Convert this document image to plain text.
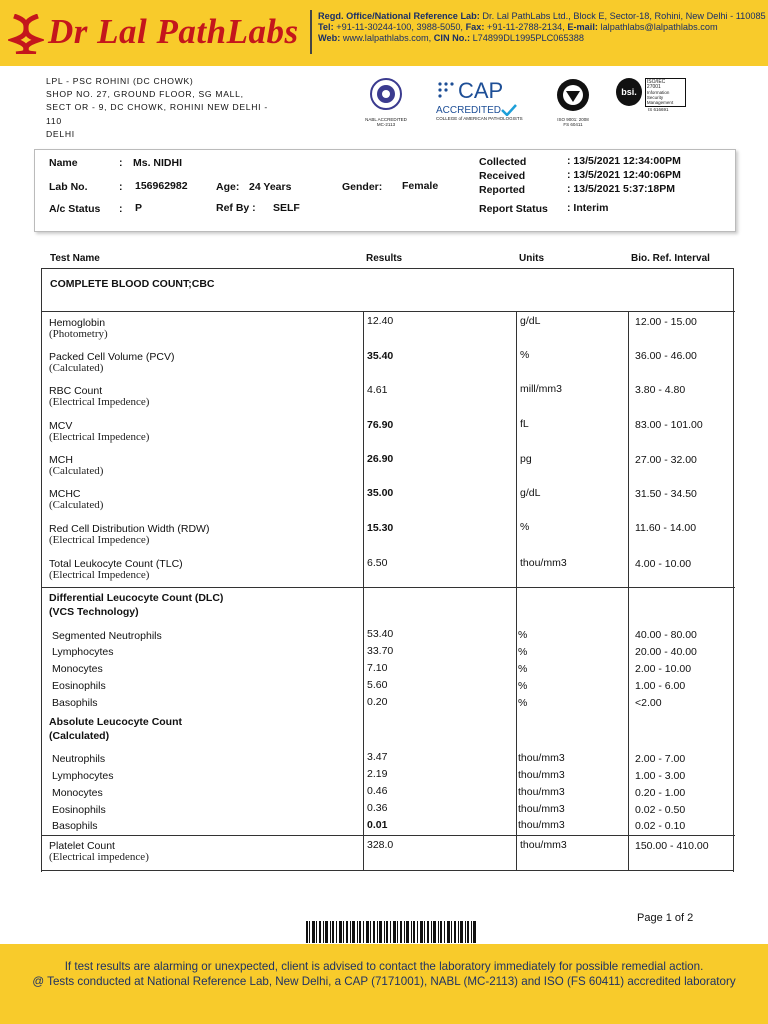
Dr Lal PathLabs Regd. Office/National Reference Lab: Dr. Lal PathLabs Ltd., Block E, Sector-18, Rohini, New Delhi - 110085
Tel: +91-11-30244-100, 3988-5050, Fax: +91-11-2788-2134, E-mail: lalpathlabs@lalpathlabs.com
Web: www.lalpathlabs.com, CIN No.: L74899DL1995PLC065388
LPL - PSC ROHINI (DC CHOWK)
SHOP NO. 27, GROUND FLOOR, SG MALL,
SECT OR - 9, DC CHOWK, ROHINI NEW DELHI -
110
DELHI
NABL ACCREDITED
MC-2113
CAP
ACCREDITED
COLLEGE of AMERICAN PATHOLOGISTS	ISO 9001: 2008
FS 60411
bsi.
ISO/IEC
27001
Information Security
Management
IS 616691
Name	: Ms. NIDHI
Lab No.	: 156962982	Age: 24 Years	Gender: Female
A/c Status : P	Ref By : SELF
Collected	: 13/5/2021 12:34:00PM
Received	: 13/5/2021 12:40:06PM
Reported	: 13/5/2021 5:37:18PM
Report Status : Interim
Test Name	Results	Units	Bio. Ref. Interval
COMPLETE BLOOD COUNT;CBC
Hemoglobin
(Photometry)
12.40	g/dL	12.00 - 15.00
Packed Cell Volume (PCV)
(Calculated)
35.40	%	36.00 - 46.00
RBC Count
(Electrical Impedence)
4.61	mill/mm3	3.80 - 4.80
MCV
(Electrical Impedence)
76.90	fL	83.00 - 101.00
MCH
(Calculated)
26.90	pg	27.00 - 32.00
MCHC
(Calculated)
35.00	g/dL	31.50 - 34.50
Red Cell Distribution Width (RDW)
(Electrical Impedence)
15.30	%	11.60 - 14.00
Total Leukocyte Count (TLC)
(Electrical Impedence)
6.50	thou/mm3	4.00 - 10.00
Differential Leucocyte Count (DLC)
(VCS Technology)
Segmented Neutrophils	53.40	%	40.00 - 80.00
Lymphocytes	33.70	%	20.00 - 40.00
Monocytes	7.10	%	2.00 - 10.00
Eosinophils	5.60	%	1.00 - 6.00
Basophils	0.20	%	<2.00
Absolute Leucocyte Count
(Calculated)
Neutrophils	3.47	thou/mm3	2.00 - 7.00
Lymphocytes	2.19	thou/mm3	1.00 - 3.00
Monocytes	0.46	thou/mm3	0.20 - 1.00
Eosinophils	0.36	thou/mm3	0.02 - 0.50
Basophils	0.01	thou/mm3	0.02 - 0.10
Platelet Count
(Electrical impedence)
328.0	thou/mm3	150.00 - 410.00
Page 1 of 2
If test results are alarming or unexpected, client is advised to contact the laboratory immediately for possible remedial action.
@ Tests conducted at National Reference Lab, New Delhi, a CAP (7171001), NABL (MC-2113) and ISO (FS 60411) accredited laboratory
